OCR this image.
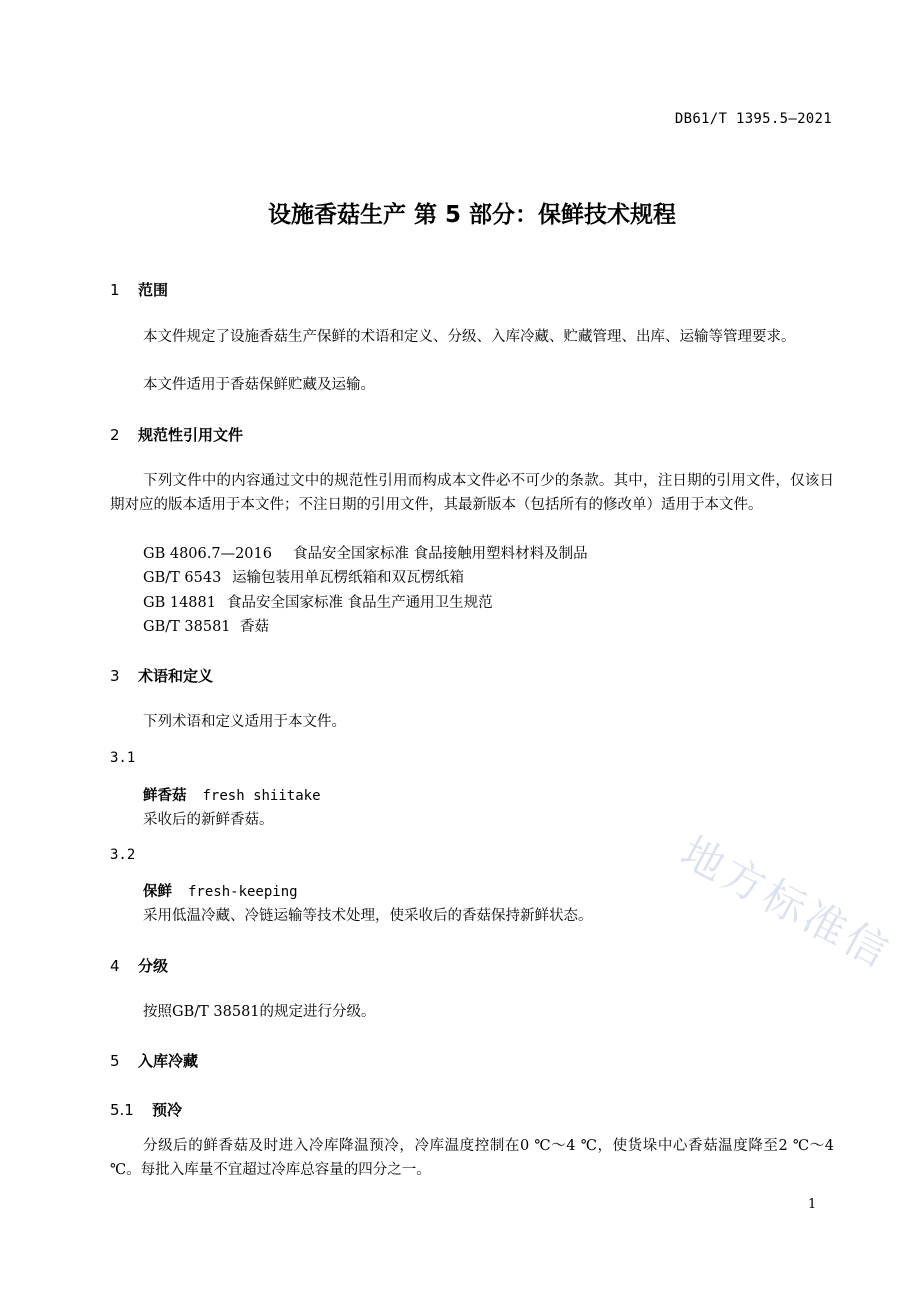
DB61/T 1395.5—2021
设施香菇生产 第 5 部分：保鲜技术规程
1 范围
本文件规定了设施香菇生产保鲜的术语和定义、分级、入库冷藏、贮藏管理、出库、运输等管理要求。
本文件适用于香菇保鲜贮藏及运输。
2 规范性引用文件
下列文件中的内容通过文中的规范性引用而构成本文件必不可少的条款。其中，注日期的引用文件，仅该日期对应的版本适用于本文件；不注日期的引用文件，其最新版本（包括所有的修改单）适用于本文件。
GB 4806.7—2016 食品安全国家标准 食品接触用塑料材料及制品
GB/T 6543 运输包装用单瓦楞纸箱和双瓦楞纸箱
GB 14881 食品安全国家标准 食品生产通用卫生规范
GB/T 38581 香菇
3 术语和定义
下列术语和定义适用于本文件。
3.1
鲜香菇 fresh shiitake
采收后的新鲜香菇。
3.2
保鲜 fresh-keeping
采用低温冷藏、冷链运输等技术处理，使采收后的香菇保持新鲜状态。
4 分级
按照GB/T 38581的规定进行分级。
5 入库冷藏
5.1 预冷
分级后的鲜香菇及时进入冷库降温预冷，冷库温度控制在0 ℃～4 ℃，使货垛中心香菇温度降至2 ℃～4 ℃。每批入库量不宜超过冷库总容量的四分之一。
地方标准信
1
